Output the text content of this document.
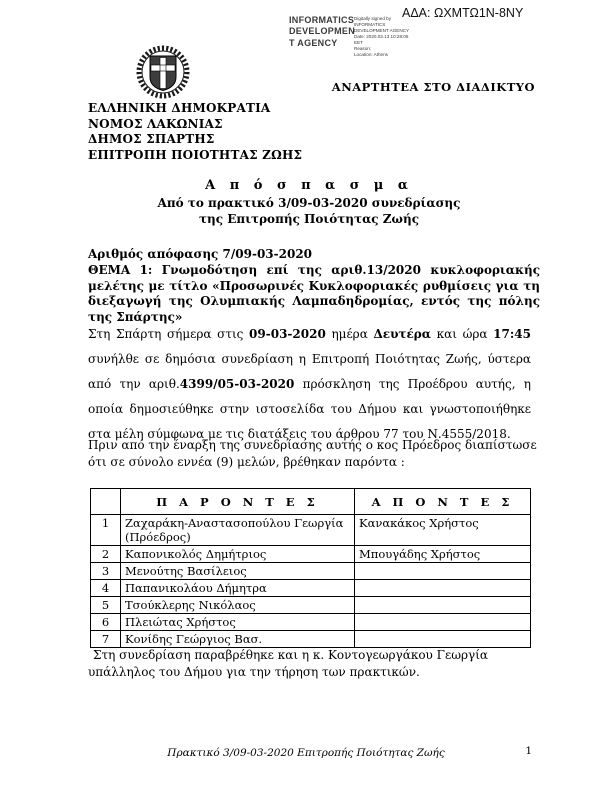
ΑΔΑ: ΩΧΜΤΩ1Ν-8ΝΥ
INFORMATICS
DEVELOPMEN
T AGENCY
Digitally signed by
INFORMATICS
DEVELOPMENT AGENCY
Date: 2020.03.13 10:28:06
EET
Reason:
Location: Athens
ΑΝΑΡΤΗΤΕΑ ΣΤΟ ΔΙΑΔΙΚΤΥΟ
ΕΛΛΗΝΙΚΗ ΔΗΜΟΚΡΑΤΙΑ
ΝΟΜΟΣ ΛΑΚΩΝΙΑΣ
ΔΗΜΟΣ ΣΠΑΡΤΗΣ
ΕΠΙΤΡΟΠΗ ΠΟΙΟΤΗΤΑΣ ΖΩΗΣ
Α π ό σ π α σ μ α
Από το πρακτικό 3/09-03-2020 συνεδρίασης
της Επιτροπής Ποιότητας Ζωής
Αριθμός απόφασης 7/09-03-2020
ΘΕΜΑ 1: Γνωμοδότηση επί της αριθ.13/2020 κυκλοφοριακής μελέτης με τίτλο «Προσωρινές Κυκλοφοριακές ρυθμίσεις για τη διεξαγωγή της Ολυμπιακής Λαμπαδηδρομίας, εντός της πόλης της Σπάρτης»
Στη Σπάρτη σήμερα στις 09-03-2020 ημέρα Δευτέρα και ώρα 17:45 συνήλθε σε δημόσια συνεδρίαση η Επιτροπή Ποιότητας Ζωής, ύστερα από την αριθ.4399/05-03-2020 πρόσκληση της Προέδρου αυτής, η οποία δημοσιεύθηκε στην ιστοσελίδα του Δήμου και γνωστοποιήθηκε στα μέλη σύμφωνα με τις διατάξεις του άρθρου 77 του Ν.4555/2018.
Πριν από την έναρξη της συνεδρίασης αυτής ο κος Πρόεδρος διαπίστωσε ότι σε σύνολο εννέα (9) μελών, βρέθηκαν παρόντα :
	Π Α Ρ Ο Ν Τ Ε Σ	Α Π Ο Ν Τ Ε Σ
1	Ζαχαράκη-Αναστασοπούλου Γεωργία (Πρόεδρος)	Κανακάκος Χρήστος
2	Καπονικολός Δημήτριος	Μπουγάδης Χρήστος
3	Μενούτης Βασίλειος	
4	Παπανικολάου Δήμητρα	
5	Τσούκλερης Νικόλαος	
6	Πλειώτας Χρήστος	
7	Κονίδης Γεώργιος Βασ.	
Στη συνεδρίαση παραβρέθηκε και η κ. Κοντογεωργάκου Γεωργία υπάλληλος του Δήμου για την τήρηση των πρακτικών.
Πρακτικό 3/09-03-2020 Επιτροπής Ποιότητας Ζωής	1
